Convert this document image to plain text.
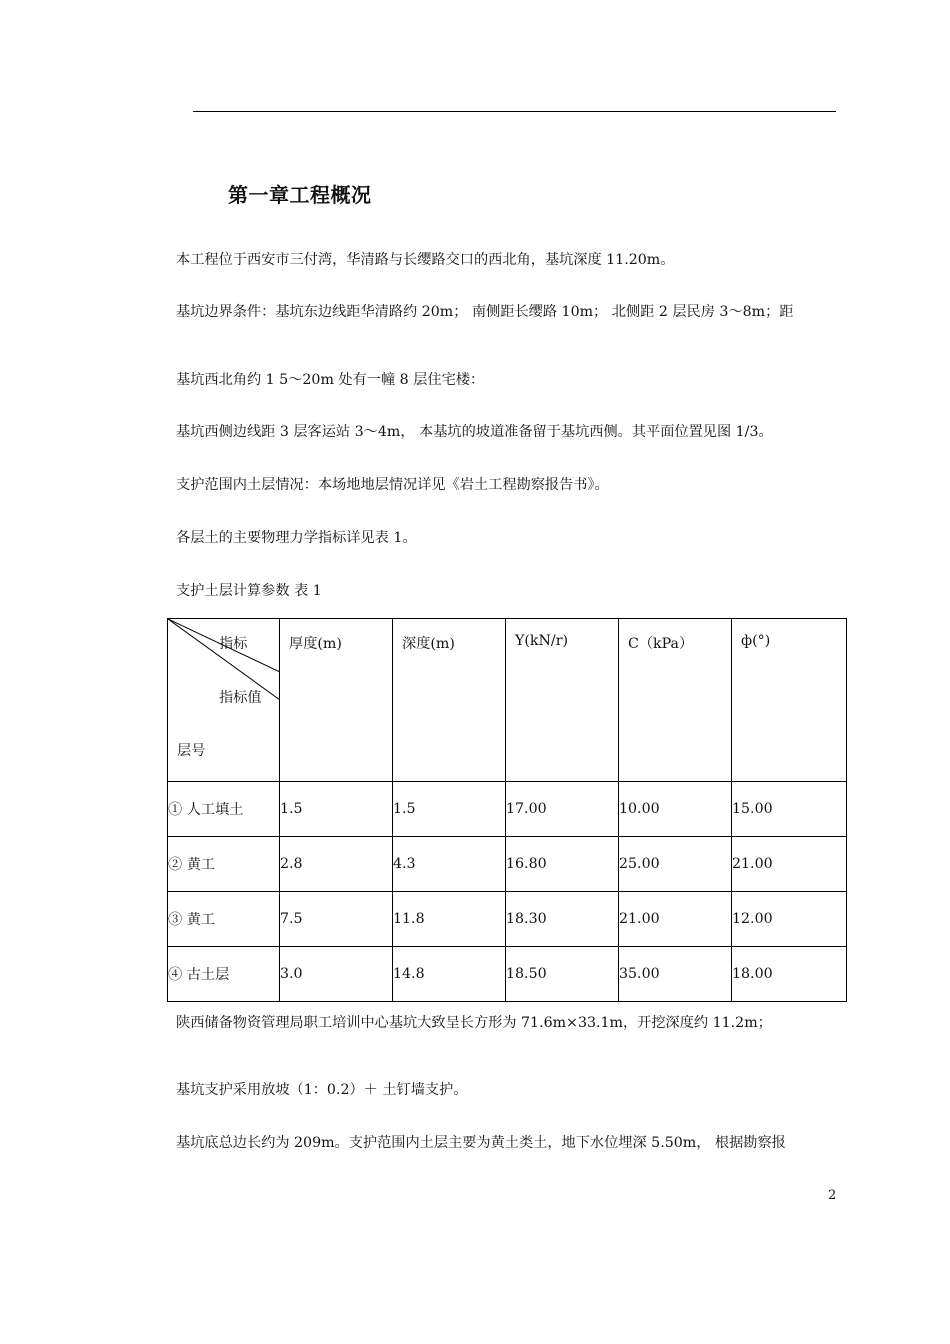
第一章工程概况
本工程位于西安市三付湾，华清路与长缨路交口的西北角，基坑深度 11.20m。
基坑边界条件：基坑东边线距华清路约 20m； 南侧距长缨路 10m； 北侧距 2 层民房 3～8m；距
基坑西北角约 1 5～20m 处有一幢 8 层住宅楼：
基坑西侧边线距 3 层客运站 3～4m， 本基坑的坡道准备留于基坑西侧。其平面位置见图 1/3。
支护范围内土层情况：本场地地层情况详见《岩土工程勘察报告书》。
各层土的主要物理力学指标详见表 1。
支护土层计算参数 表 1
指标
指标值
层号	厚度(m)	深度(m)	Y(kN/r)	C（kPa）	ф(°)

① 人工填土	1.5	1.5	17.00	10.00	15.00
② 黄工	2.8	4.3	16.80	25.00	21.00
③ 黄工	7.5	11.8	18.30	21.00	12.00
④ 古土层	3.0	14.8	18.50	35.00	18.00
陕西储备物资管理局职工培训中心基坑大致呈长方形为 71.6m×33.1m，开挖深度约 11.2m；
基坑支护采用放坡（1：0.2）＋ 土钉墙支护。
基坑底总边长约为 209m。支护范围内土层主要为黄土类土，地下水位埋深 5.50m， 根据勘察报
2
